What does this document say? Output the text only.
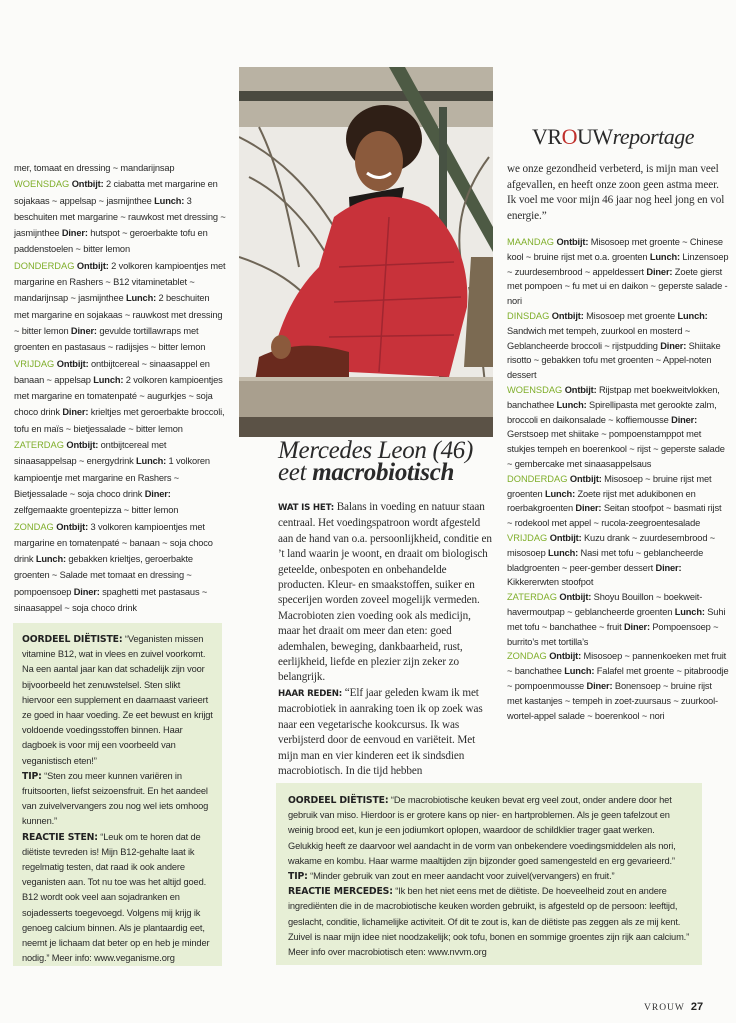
mer, tomaat en dressing ~ mandarijnsap
WOENSDAG Ontbijt: 2 ciabatta met margarine en sojakaas ~ appelsap ~ jasmijnthee Lunch: 3 beschuiten met margarine ~ rauwkost met dressing ~ jasmijnthee Diner: hutspot ~ geroerbakte tofu en paddenstoelen ~ bitter lemon
DONDERDAG Ontbijt: 2 volkoren kampioentjes met margarine en Rashers ~ B12 vitaminetablet ~ mandarijnsap ~ jasmijnthee Lunch: 2 beschuiten met margarine en sojakaas ~ rauwkost met dressing ~ bitter lemon Diner: gevulde tortillawraps met groenten en pastasaus ~ radijsjes ~ bitter lemon
VRIJDAG Ontbijt: ontbijtcereal ~ sinaasappel en banaan ~ appelsap Lunch: 2 volkoren kampioentjes met margarine en tomatenpaté ~ augurkjes ~ soja choco drink Diner: krieltjes met geroerbakte broccoli, tofu en maïs ~ bietjessalade ~ bitter lemon
ZATERDAG Ontbijt: ontbijtcereal met sinaasappelsap ~ energydrink Lunch: 1 volkoren kampioentje met margarine en Rashers ~ Bietjessalade ~ soja choco drink Diner: zelfgemaakte groentepizza ~ bitter lemon
ZONDAG Ontbijt: 3 volkoren kampioentjes met margarine en tomatenpaté ~ banaan ~ soja choco drink Lunch: gebakken krieltjes, geroerbakte groenten ~ Salade met tomaat en dressing ~ pompoensoep Diner: spaghetti met pastasaus ~ sinaasappel ~ soja choco drink
OORDEEL DIËTISTE: “Veganisten missen vitamine B12, wat in vlees en zuivel voorkomt. Na een aantal jaar kan dat schadelijk zijn voor bijvoorbeeld het zenuwstelsel. Sten slikt hiervoor een supplement en daarnaast varieert ze goed in haar voeding. Ze eet bewust en krijgt voldoende voedingsstoffen binnen. Haar dagboek is voor mij een voorbeeld van veganistisch eten!”
TIP: “Sten zou meer kunnen variëren in fruitsoorten, liefst seizoensfruit. En het aandeel van zuivelvervangers zou nog wel iets omhoog kunnen.”
REACTIE STEN: “Leuk om te horen dat de diëtiste tevreden is! Mijn B12-gehalte laat ik regelmatig testen, dat raad ik ook andere veganisten aan. Tot nu toe was het altijd goed. B12 wordt ook veel aan sojadranken en sojadesserts toegevoegd. Volgens mij krijg ik genoeg calcium binnen. Als je plantaardig eet, neemt je lichaam dat beter op en heb je minder nodig.” Meer info: www.veganisme.org
Mercedes Leon (46)
eet macrobiotisch
WAT IS HET: Balans in voeding en natuur staan centraal. Het voedingspatroon wordt afgesteld aan de hand van o.a. persoonlijkheid, conditie en ’t land waarin je woont, en draait om biologisch geteelde, onbespoten en onbehandelde producten. Kleur- en smaakstoffen, suiker en specerijen worden zoveel mogelijk vermeden. Macrobioten zien voeding ook als medicijn, maar het draait om meer dan eten: goed ademhalen, beweging, dankbaarheid, rust, eerlijkheid, liefde en plezier zijn zeker zo belangrijk.
HAAR REDEN: “Elf jaar geleden kwam ik met macrobiotiek in aanraking toen ik op zoek was naar een vegetarische kookcursus. Ik was verbijsterd door de eenvoud en variëteit. Met mijn man en vier kinderen eet ik sindsdien macrobiotisch. In die tijd hebben
VROUWreportage
we onze gezondheid verbeterd, is mijn man veel afgevallen, en heeft onze zoon geen astma meer. Ik voel me voor mijn 46 jaar nog heel jong en vol energie.”
MAANDAG Ontbijt: Misosoep met groente ~ Chinese kool ~ bruine rijst met o.a. groenten Lunch: Linzensoep ~ zuurdesembrood ~ appeldessert Diner: Zoete gierst met pompoen ~ fu met ui en daikon ~ geperste salade - nori
DINSDAG Ontbijt: Misosoep met groente Lunch: Sandwich met tempeh, zuurkool en mosterd ~ Geblancheerde broccoli ~ rijstpudding Diner: Shiitake risotto ~ gebakken tofu met groenten ~ Appel-noten dessert
WOENSDAG Ontbijt: Rijstpap met boekweitvlokken, banchathee Lunch: Spirellipasta met gerookte zalm, broccoli en daikonsalade ~ koffiemousse Diner: Gerstsoep met shiitake ~ pompoenstamppot met stukjes tempeh en boerenkool ~ rijst ~ geperste salade ~ gembercake met sinaasappelsaus
DONDERDAG Ontbijt: Misosoep ~ bruine rijst met groenten Lunch: Zoete rijst met adukibonen en roerbakgroenten Diner: Seitan stoofpot ~ basmati rijst ~ rodekool met appel ~ rucola-zeegroentesalade
VRIJDAG Ontbijt: Kuzu drank ~ zuurdesembrood ~ misosoep Lunch: Nasi met tofu ~ geblancheerde bladgroenten ~ peer-gember dessert Diner: Kikkererwten stoofpot
ZATERDAG Ontbijt: Shoyu Bouillon ~ boekweit-havermoutpap ~ geblancheerde groenten Lunch: Suhi met tofu ~ banchathee ~ fruit Diner: Pompoensoep ~ burrito’s met tortilla’s
ZONDAG Ontbijt: Misosoep ~ pannenkoeken met fruit ~ banchathee Lunch: Falafel met groente ~ pitabroodje ~ pompoenmousse Diner: Bonensoep ~ bruine rijst met kastanjes ~ tempeh in zoet-zuursaus ~ zuurkool-wortel-appel salade ~ boerenkool ~ nori
OORDEEL DIËTISTE: “De macrobiotische keuken bevat erg veel zout, onder andere door het gebruik van miso. Hierdoor is er grotere kans op nier- en hartproblemen. Als je geen tafelzout en weinig brood eet, kun je een jodiumkort oplopen, waardoor de schildklier trager gaat werken. Gelukkig heeft ze daarvoor wel aandacht in de vorm van onbekendere voedingsmiddelen als nori, wakame en kombu. Haar warme maaltijden zijn bijzonder goed samengesteld en erg gevarieerd.”
TIP: “Minder gebruik van zout en meer aandacht voor zuivel(vervangers) en fruit.”
REACTIE MERCEDES: “Ik ben het niet eens met de diëtiste. De hoeveelheid zout en andere ingrediënten die in de macrobiotische keuken worden gebruikt, is afgesteld op de persoon: leeftijd, geslacht, conditie, lichamelijke activiteit. Of dit te zout is, kan de diëtiste pas zeggen als ze mij kent. Zuivel is naar mijn idee niet noodzakelijk; ook tofu, bonen en sommige groentes zijn rijk aan calcium.” Meer info over macrobiotisch eten: www.nvvm.org
VROUW 27
